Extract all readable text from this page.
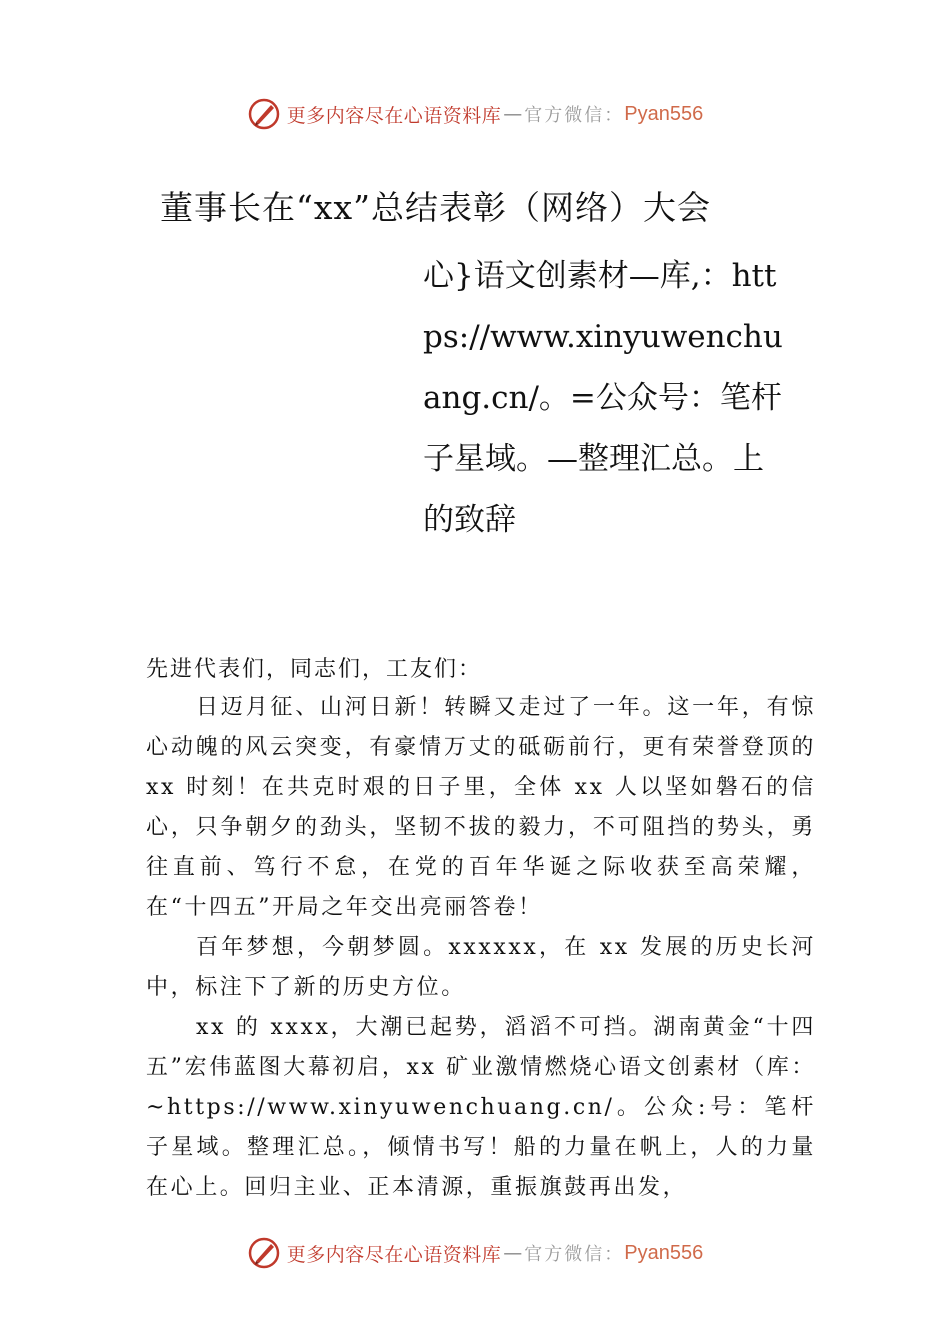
更多内容尽在心语资料库 — 官方微信： Pyan556
董事长在“xx”总结表彰（网络）大会
心}语文创素材—库,：https://www.xinyuwenchuang.cn/。=公众号：笔杆子星域。—整理汇总。上的致辞
先进代表们，同志们，工友们：
日迈月征、山河日新！转瞬又走过了一年。这一年，有惊心动魄的风云突变，有豪情万丈的砥砺前行，更有荣誉登顶的 xx 时刻！在共克时艰的日子里，全体 xx 人以坚如磐石的信心，只争朝夕的劲头，坚韧不拔的毅力，不可阻挡的势头，勇往直前、笃行不怠，在党的百年华诞之际收获至高荣耀，在“十四五”开局之年交出亮丽答卷！
百年梦想，今朝梦圆。xxxxxx，在 xx 发展的历史长河中，标注下了新的历史方位。
xx 的 xxxx，大潮已起势，滔滔不可挡。湖南黄金“十四五”宏伟蓝图大幕初启，xx 矿业激情燃烧心语文创素材（库：~https://www.xinyuwenchuang.cn/。公众:号：笔杆子星域。整理汇总。，倾情书写！船的力量在帆上，人的力量在心上。回归主业、正本清源，重振旗鼓再出发，
更多内容尽在心语资料库 — 官方微信： Pyan556
